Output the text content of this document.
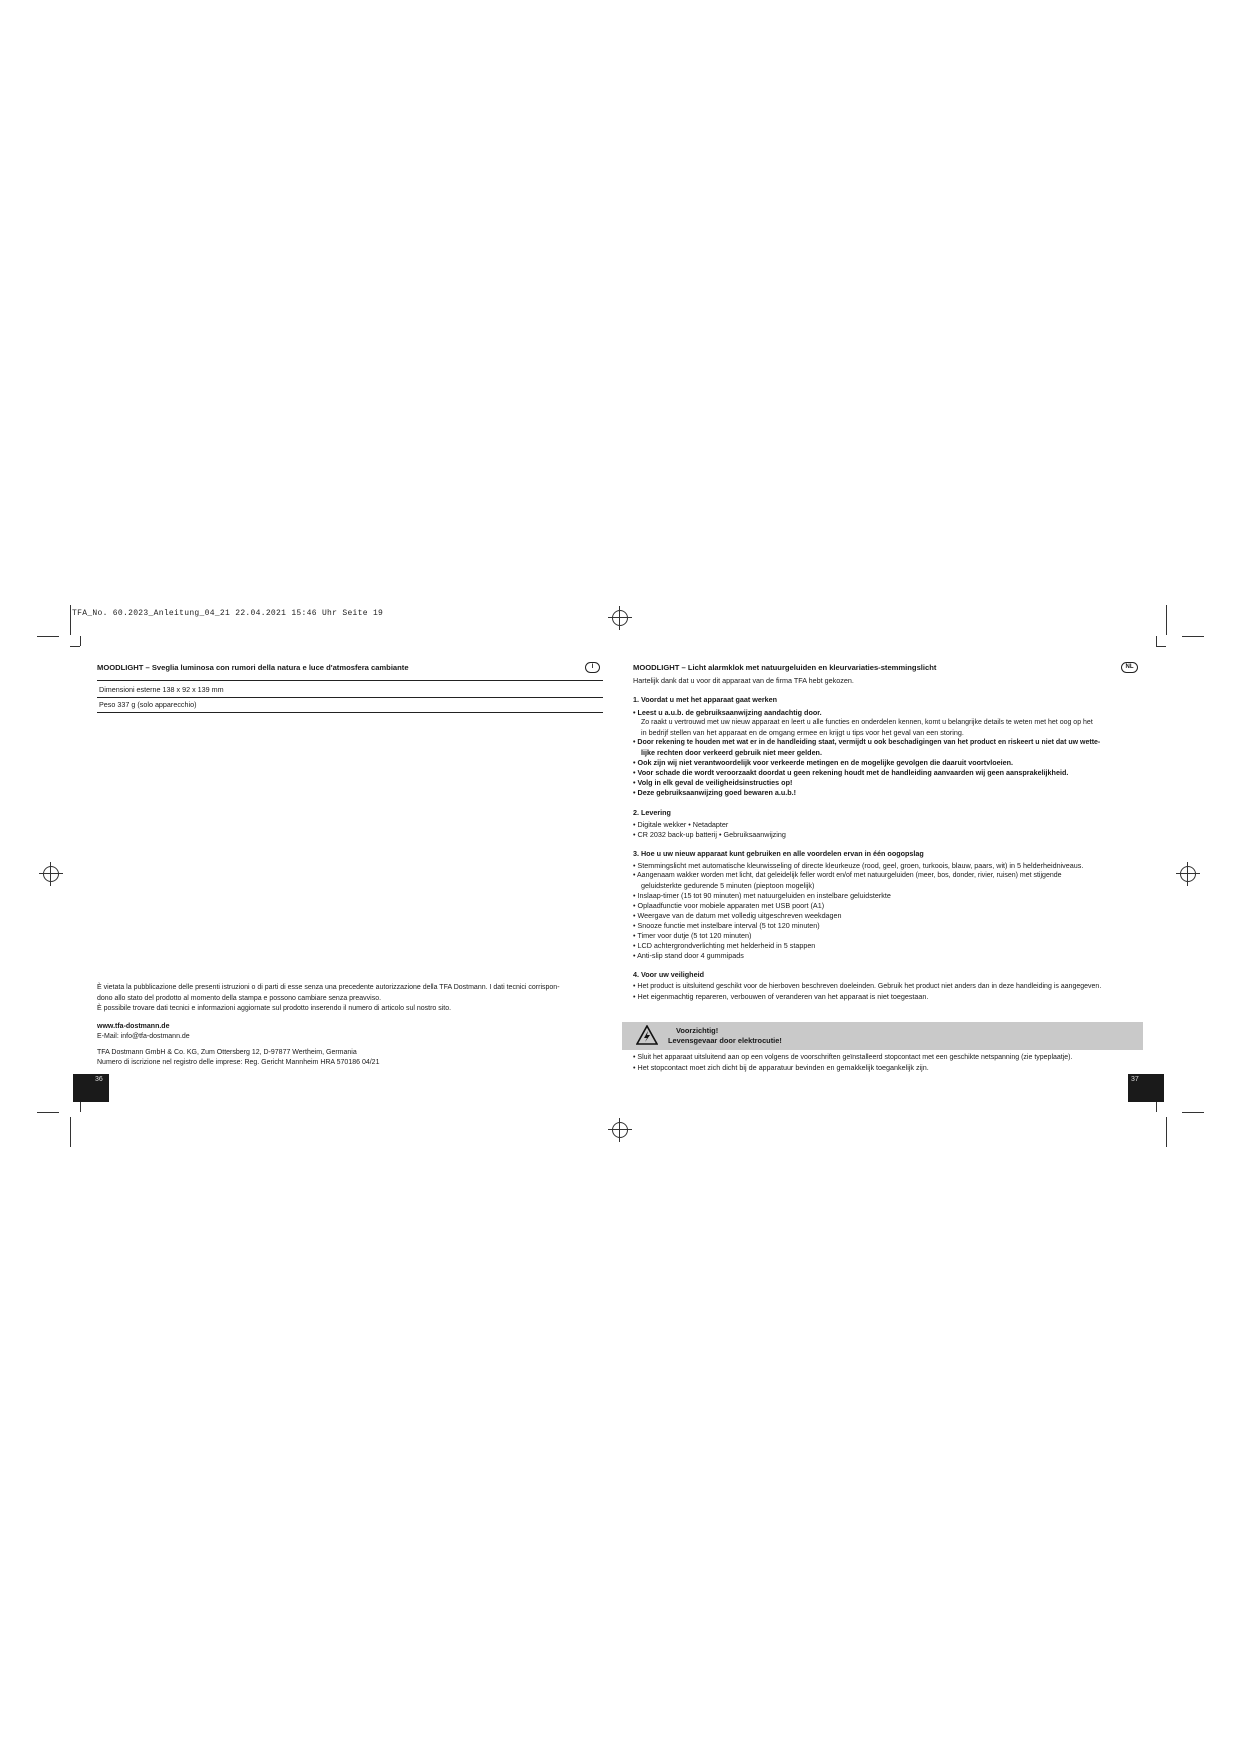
TFA_No. 60.2023_Anleitung_04_21 22.04.2021 15:46 Uhr Seite 19
MOODLIGHT – Sveglia luminosa con rumori della natura e luce d'atmosfera cambiante
Dimensioni esterne 138 x 92 x 139 mm
Peso 337 g (solo apparecchio)
I
È vietata la pubblicazione delle presenti istruzioni o di parti di esse senza una precedente autorizzazione della TFA Dostmann. I dati tecnici corrispon-
dono allo stato del prodotto al momento della stampa e possono cambiare senza preavviso.
È possibile trovare dati tecnici e informazioni aggiornate sul prodotto inserendo il numero di articolo sul nostro sito.
www.tfa-dostmann.de
E-Mail: info@tfa-dostmann.de
TFA Dostmann GmbH & Co. KG, Zum Ottersberg 12, D-97877 Wertheim, Germania
Numero di iscrizione nel registro delle imprese: Reg. Gericht Mannheim HRA 570186 04/21
36
MOODLIGHT – Licht alarmklok met natuurgeluiden en kleurvariaties-stemmingslicht
Hartelijk dank dat u voor dit apparaat van de firma TFA hebt gekozen.
1. Voordat u met het apparaat gaat werken
• Leest u a.u.b. de gebruiksaanwijzing aandachtig door.
Zo raakt u vertrouwd met uw nieuw apparaat en leert u alle functies en onderdelen kennen, komt u belangrijke details te weten met het oog op het
in bedrijf stellen van het apparaat en de omgang ermee en krijgt u tips voor het geval van een storing.
• Door rekening te houden met wat er in de handleiding staat, vermijdt u ook beschadigingen van het product en riskeert u niet dat uw wette-
lijke rechten door verkeerd gebruik niet meer gelden.
• Ook zijn wij niet verantwoordelijk voor verkeerde metingen en de mogelijke gevolgen die daaruit voortvloeien.
• Voor schade die wordt veroorzaakt doordat u geen rekening houdt met de handleiding aanvaarden wij geen aansprakelijkheid.
• Volg in elk geval de veiligheidsinstructies op!
• Deze gebruiksaanwijzing goed bewaren a.u.b.!
2. Levering
• Digitale wekker • Netadapter
• CR 2032 back-up batterij • Gebruiksaanwijzing
3. Hoe u uw nieuw apparaat kunt gebruiken en alle voordelen ervan in één oogopslag
• Stemmingslicht met automatische kleurwisseling of directe kleurkeuze (rood, geel, groen, turkoois, blauw, paars, wit) in 5 helderheidniveaus.
• Aangenaam wakker worden met licht, dat geleidelijk feller wordt en/of met natuurgeluiden (meer, bos, donder, rivier, ruisen) met stijgende
geluidsterkte gedurende 5 minuten (pieptoon mogelijk)
• Inslaap-timer (15 tot 90 minuten) met natuurgeluiden en instelbare geluidsterkte
• Oplaadfunctie voor mobiele apparaten met USB poort (A1)
• Weergave van de datum met volledig uitgeschreven weekdagen
• Snooze functie met instelbare interval (5 tot 120 minuten)
• Timer voor dutje (5 tot 120 minuten)
• LCD achtergrondverlichting met helderheid in 5 stappen
• Anti-slip stand door 4 gummipads
4. Voor uw veiligheid
• Het product is uitsluitend geschikt voor de hierboven beschreven doeleinden. Gebruik het product niet anders dan in deze handleiding is aangegeven.
• Het eigenmachtig repareren, verbouwen of veranderen van het apparaat is niet toegestaan.
NL
Voorzichtig!
Levensgevaar door elektrocutie!
• Sluit het apparaat uitsluitend aan op een volgens de voorschriften geïnstalleerd stopcontact met een geschikte netspanning (zie typeplaatje).
• Het stopcontact moet zich dicht bij de apparatuur bevinden en gemakkelijk toegankelijk zijn.
37
